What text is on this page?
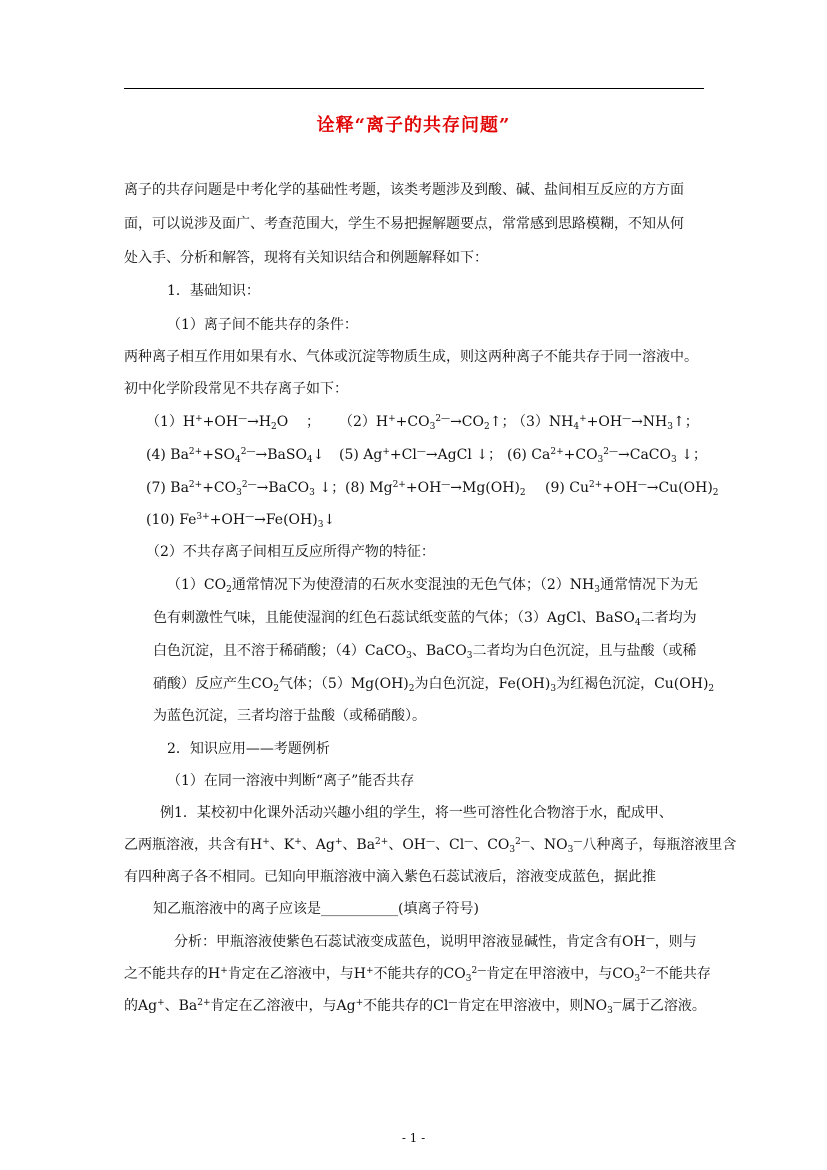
诠释“离子的共存问题”
离子的共存问题是中考化学的基础性考题，该类考题涉及到酸、碱、盐间相互反应的方方面
面，可以说涉及面广、考查范围大，学生不易把握解题要点，常常感到思路模糊，不知从何
处入手、分析和解答，现将有关知识结合和例题解释如下：
1．基础知识：
（1）离子间不能共存的条件：
两种离子相互作用如果有水、气体或沉淀等物质生成，则这两种离子不能共存于同一溶液中。
初中化学阶段常见不共存离子如下：
$(1)H^++OH^—\to H_2O$    ； $(2)H^++CO_3^{2—}\to CO_2↑$；
$(3)NH_4^++OH^—\to NH_3↑$；
(4) $Ba^{2+}+SO_4^{2—}\to BaSO_4↓$ (5) Ag++Cl—→AgCl ↓； (6) $Ca^{2+}+CO_3^{2—}\to CaCO_3$ ↓；
(7) $Ba^{2+}+CO_3^{2—}\to BaCO_3$ ↓； (8) $Mg^{2+}+OH^—\to Mg(OH)_2$ (9) $Cu^{2+}+OH^—\to Cu(OH)_2$
(10) $Fe^{3+}+OH^—\to Fe(OH)_3↓$
（2）不共存离子间相互反应所得产物的特征：
$(1)CO_2$通常情况下为使澄清的石灰水变混浊的无色气体；$(2)NH_3$通常情况下为无
色有刺激性气味，且能使湿润的红色石蕊试纸变蓝的气体；（3）AgCl、BaSO$_4$二者均为
白色沉淀，且不溶于稀硝酸；（4）CaCO$_3$、BaCO$_3$二者均为白色沉淀，且与盐酸（或稀
硝酸）反应产生$CO_2$气体；$(5)Mg(OH)_2$为白色沉淀，$Fe(OH)_3$为红褐色沉淀，$Cu(OH)_2$
为蓝色沉淀，三者均溶于盐酸（或稀硝酸）。
2．知识应用——考题例析
（1）在同一溶液中判断“离子”能否共存
例1．某校初中化课外活动兴趣小组的学生，将一些可溶性化合物溶于水，配成甲、
乙两瓶溶液，共含有H+、K+、Ag+、$Ba^{2+}$、OH—、Cl—、$CO_3^{2—}$、$NO_3^—$八种离子，每瓶溶液里含
有四种离子各不相同。已知向甲瓶溶液中滴入紫色石蕊试液后，溶液变成蓝色，据此推
知乙瓶溶液中的离子应该是___________(填离子符号)
分析：甲瓶溶液使紫色石蕊试液变成蓝色，说明甲溶液显碱性，肯定含有OH—，则与
之不能共存的H+肯定在乙溶液中，与H+不能共存的$CO_3^{2—}$肯定在甲溶液中，与$CO_3^{2—}$不能共存
的Ag+、$Ba^{2+}$肯定在乙溶液中，与Ag+不能共存的Cl—肯定在甲溶液中，则$NO_3^—$属于乙溶液。
- 1 -
